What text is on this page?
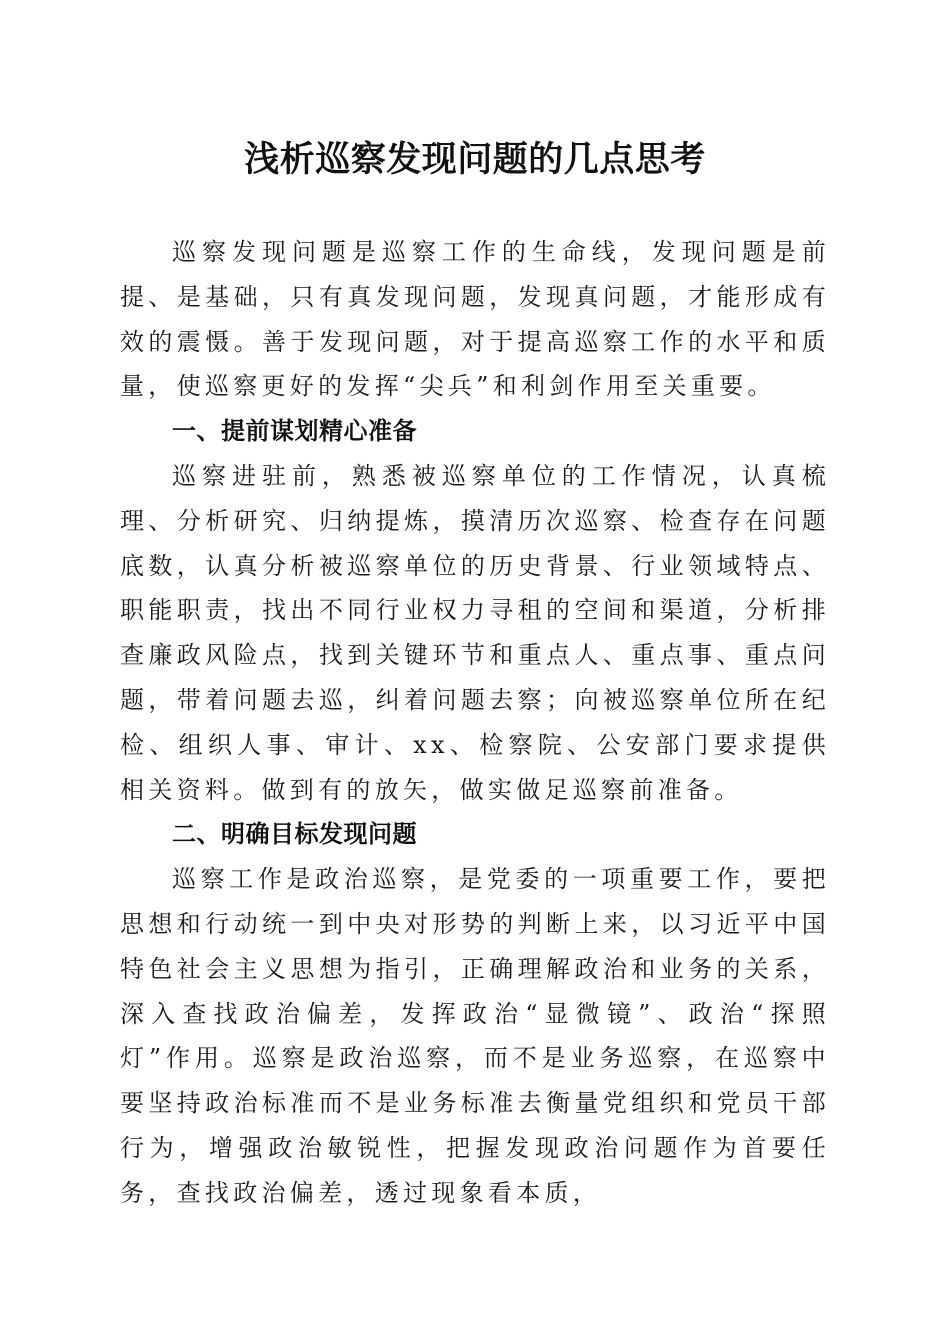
浅析巡察发现问题的几点思考

巡察发现问题是巡察工作的生命线，发现问题是前提、是基础，只有真发现问题，发现真问题，才能形成有效的震慑。善于发现问题，对于提高巡察工作的水平和质量，使巡察更好的发挥“尖兵”和利剑作用至关重要。

一、提前谋划精心准备

巡察进驻前，熟悉被巡察单位的工作情况，认真梳理、分析研究、归纳提炼，摸清历次巡察、检查存在问题底数，认真分析被巡察单位的历史背景、行业领域特点、职能职责，找出不同行业权力寻租的空间和渠道，分析排查廉政风险点，找到关键环节和重点人、重点事、重点问题，带着问题去巡，纠着问题去察；向被巡察单位所在纪检、组织人事、审计、xx、检察院、公安部门要求提供相关资料。做到有的放矢，做实做足巡察前准备。

二、明确目标发现问题

巡察工作是政治巡察，是党委的一项重要工作，要把思想和行动统一到中央对形势的判断上来，以习近平中国特色社会主义思想为指引，正确理解政治和业务的关系，深入查找政治偏差，发挥政治“显微镜”、政治“探照灯”作用。巡察是政治巡察，而不是业务巡察，在巡察中要坚持政治标准而不是业务标准去衡量党组织和党员干部行为，增强政治敏锐性，把握发现政治问题作为首要任务，查找政治偏差，透过现象看本质，
